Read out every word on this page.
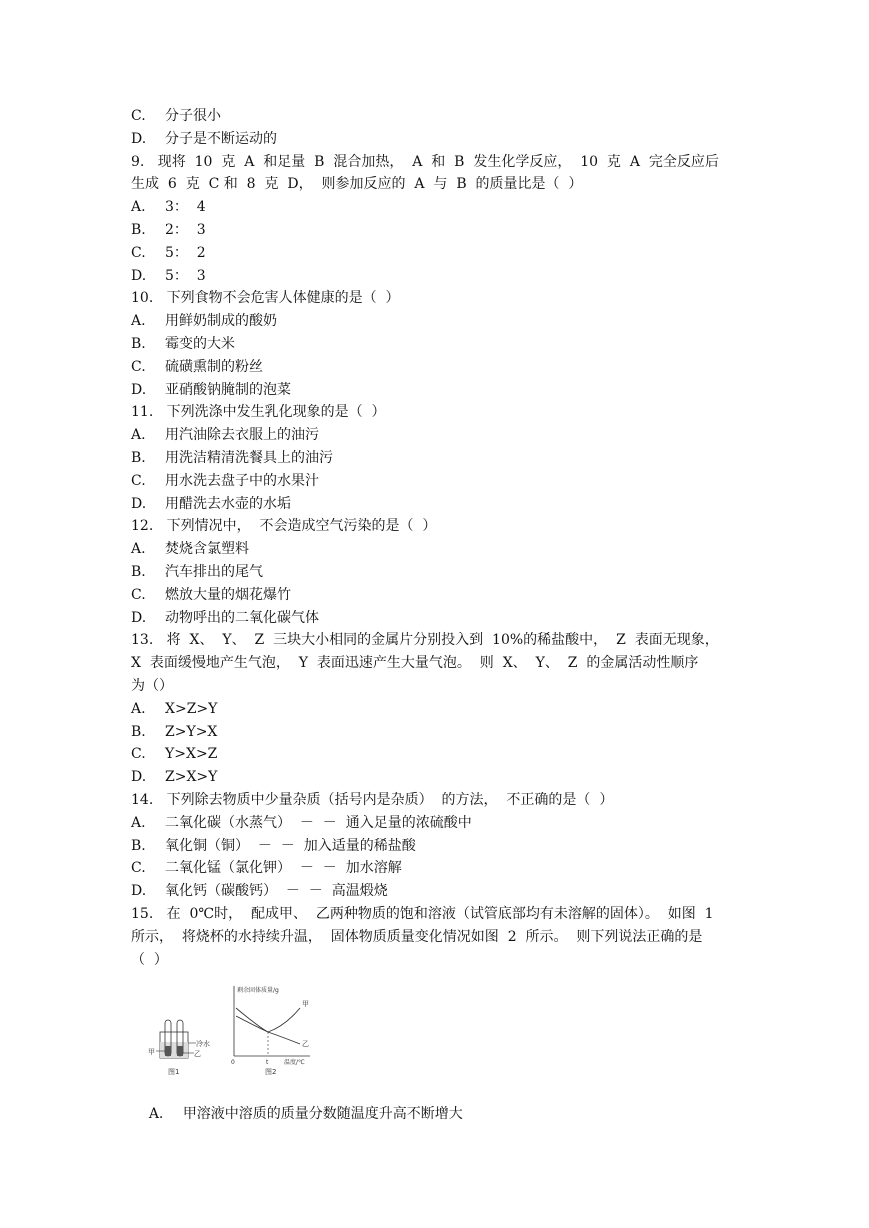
C. 分子很小
D. 分子是不断运动的
9.   现将  10  克  A  和足量  B  混合加热，  A  和  B  发生化学反应，  10  克  A  完全反应后
生成  6  克  C 和  8  克  D，  则参加反应的  A  与  B  的质量比是（  ）
A. 3：  4
B. 2：  3
C. 5：  2
D. 5：  3
10.   下列食物不会危害人体健康的是（  ）
A. 用鲜奶制成的酸奶
B. 霉变的大米
C. 硫磺熏制的粉丝
D. 亚硝酸钠腌制的泡菜
11.   下列洗涤中发生乳化现象的是（  ）
A. 用汽油除去衣服上的油污
B. 用洗洁精清洗餐具上的油污
C. 用水洗去盘子中的水果汁
D. 用醋洗去水壶的水垢
12.   下列情况中，  不会造成空气污染的是（  ）
A. 焚烧含氯塑料
B. 汽车排出的尾气
C. 燃放大量的烟花爆竹
D. 动物呼出的二氧化碳气体
13.   将  X、  Y、  Z  三块大小相同的金属片分别投入到  10%的稀盐酸中，  Z  表面无现象，
X  表面缓慢地产生气泡，  Y  表面迅速产生大量气泡。  则  X、  Y、  Z  的金属活动性顺序
为（）
A. X>Z>Y
B. Z>Y>X
C. Y>X>Z
D. Z>X>Y
14.   下列除去物质中少量杂质（括号内是杂质）  的方法，  不正确的是（  ）
A. 二氧化碳（水蒸气）  －  －  通入足量的浓硫酸中
B. 氧化铜（铜）  －  －  加入适量的稀盐酸
C. 二氧化锰（氯化钾）  －  －  加水溶解
D. 氧化钙（碳酸钙）  －  －  高温煅烧
15.   在  0℃时，  配成甲、  乙两种物质的饱和溶液（试管底部均有未溶解的固体）。  如图  1
所示，  将烧杯的水持续升温，  固体物质质量变化情况如图  2  所示。  则下列说法正确的是
（  ）
冷水
甲	乙
图1
剩余固体质量/g
甲
乙
0	t	温度/℃
图2

A. 甲溶液中溶质的质量分数随温度升高不断增大
